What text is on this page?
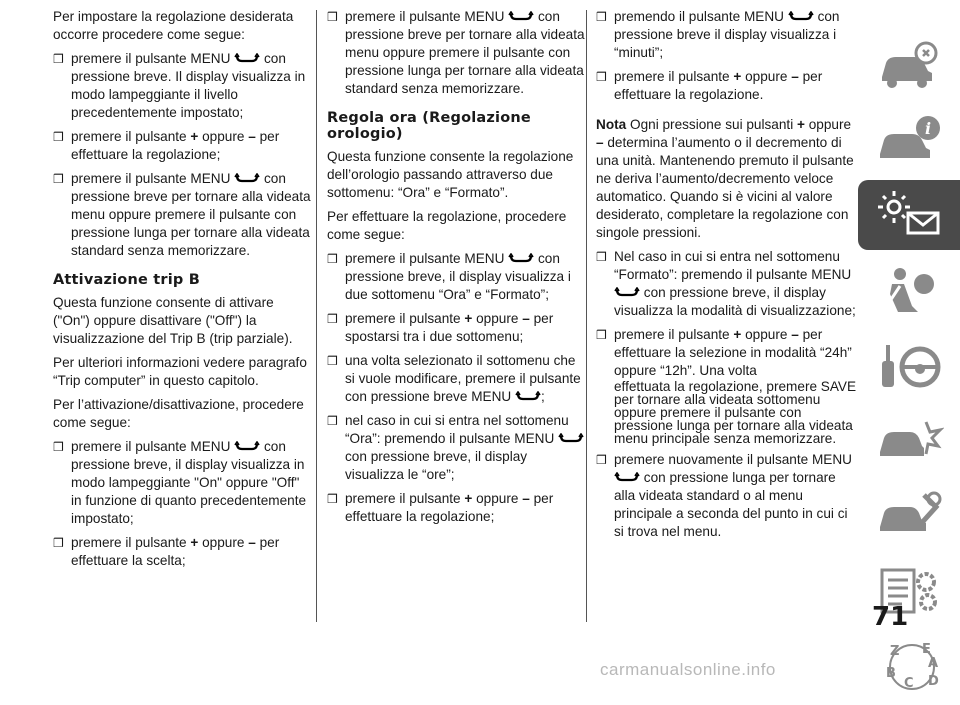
Per impostare la regolazione desiderata occorre procedere come segue:

❒ premere il pulsante MENU con pressione breve. Il display visualizza in modo lampeggiante il livello precedentemente impostato;
❒ premere il pulsante + oppure – per effettuare la regolazione;
❒ premere il pulsante MENU con pressione breve per tornare alla videata menu oppure premere il pulsante con pressione lunga per tornare alla videata standard senza memorizzare.
Attivazione trip B

Questa funzione consente di attivare ("On") oppure disattivare ("Off") la visualizzazione del Trip B (trip parziale).

Per ulteriori informazioni vedere paragrafo “Trip computer” in questo capitolo.

Per l’attivazione/disattivazione, procedere come segue:

❒ premere il pulsante MENU con pressione breve, il display visualizza in modo lampeggiante "On" oppure "Off" in funzione di quanto precedentemente impostato;
❒ premere il pulsante + oppure – per effettuare la scelta;
❒ premere il pulsante MENU con pressione breve per tornare alla videata menu oppure premere il pulsante con pressione lunga per tornare alla videata standard senza memorizzare.
Regola ora (Regolazione orologio)

Questa funzione consente la regolazione dell’orologio passando attraverso due sottomenu: “Ora” e “Formato”.

Per effettuare la regolazione, procedere come segue:

❒ premere il pulsante MENU con pressione breve, il display visualizza i due sottomenu “Ora” e “Formato”;
❒ premere il pulsante + oppure – per spostarsi tra i due sottomenu;
❒ una volta selezionato il sottomenu che si vuole modificare, premere il pulsante con pressione breve MENU ;
❒ nel caso in cui si entra nel sottomenu “Ora”: premendo il pulsante MENU  con pressione breve, il display visualizza le “ore”;
❒ premere il pulsante + oppure – per effettuare la regolazione;
❒ premendo il pulsante MENU con pressione breve il display visualizza i “minuti”;
❒ premere il pulsante + oppure – per effettuare la regolazione.

Nota Ogni pressione sui pulsanti + oppure – determina l’aumento o il decremento di una unità. Mantenendo premuto il pulsante ne deriva l’aumento/decremento veloce automatico. Quando si è vicini al valore desiderato, completare la regolazione con singole pressioni.

❒ Nel caso in cui si entra nel sottomenu “Formato”: premendo il pulsante MENU  con pressione breve, il display visualizza la modalità di visualizzazione;
❒ premere il pulsante + oppure – per effettuare la selezione in modalità “24h” oppure “12h”. Una volta
effettuata la regolazione, premere SAVE per tornare alla videata sottomenu oppure premere il pulsante con pressione lunga per tornare alla videata menu principale senza memorizzare.
❒ premere nuovamente il pulsante MENU  con pressione lunga per tornare alla videata standard o al menu principale a seconda del punto in cui ci si trova nel menu.
i
Z E
A
B
C D
71
carmanualsonline.info
